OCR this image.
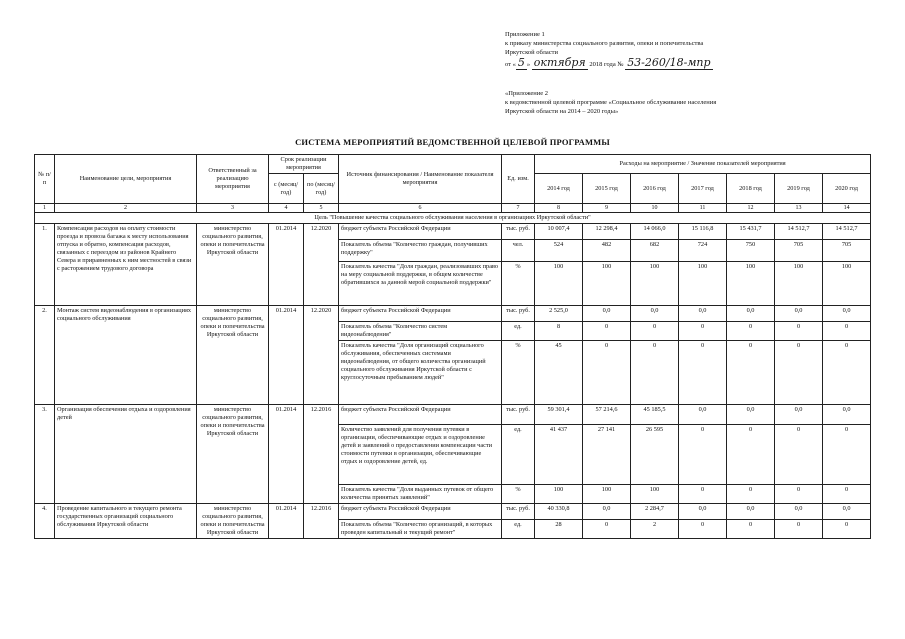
Приложение 1
к приказу министерства социального развития, опеки и попечительства
Иркутской области
от « 5 » октября 2018 года № 53-260/18-мпр
«Приложение 2
к ведомственной целевой программе «Социальное обслуживание населения
Иркутской области на 2014 – 2020 годы»
СИСТЕМА МЕРОПРИЯТИЙ ВЕДОМСТВЕННОЙ ЦЕЛЕВОЙ ПРОГРАММЫ
№ п/п	Наименование цели, мероприятия	Ответственный за реализацию мероприятия	Срок реализации мероприятия		Источник финансирования / Наименование показателя мероприятия	Ед. изм.	Расходы на мероприятие / Значение показателей мероприятия						
			с (месяц/год)	по (месяц/год)			2014 год	2015 год	2016 год	2017 год	2018 год	2019 год	2020 год
1	2	3	4	5	6	7	8	9	10	11	12	13	14
Цель "Повышение качества социального обслуживания населения в организациях Иркутской области"													
1.	Компенсация расходов на оплату стоимости проезда и провоза багажа к месту использования отпуска и обратно, компенсация расходов, связанных с переездом из районов Крайнего Севера и приравненных к ним местностей в связи с расторжением трудового договора	министерство социального развития, опеки и попечительства Иркутской области	01.2014	12.2020	бюджет субъекта Российской Федерации	тыс. руб.	10 007,4	12 298,4	14 066,0	15 116,8	15 431,7	14 512,7	14 512,7
					Показатель объема "Количество граждан, получивших поддержку"	чел.	524	482	682	724	750	705	705
					Показатель качества "Доля граждан, реализовавших право на меру социальной поддержки, в общем количестве обратившихся за данной мерой социальной поддержки"	%	100	100	100	100	100	100	100
2.	Монтаж систем видеонаблюдения в организациях социального обслуживания	министерство социального развития, опеки и попечительства Иркутской области	01.2014	12.2020	бюджет субъекта Российской Федерации	тыс. руб.	2 525,0	0,0	0,0	0,0	0,0	0,0	0,0
					Показатель объема "Количество систем видеонаблюдения"	ед.	8	0	0	0	0	0	0
					Показатель качества "Доля организаций социального обслуживания, обеспеченных системами видеонаблюдения, от общего количества организаций социального обслуживания Иркутской области с круглосуточным пребыванием людей"	%	45	0	0	0	0	0	0
3.	Организация обеспечения отдыха и оздоровления детей	министерство социального развития, опеки и попечительства Иркутской области	01.2014	12.2016	бюджет субъекта Российской Федерации	тыс. руб.	59 301,4	57 214,6	45 185,5	0,0	0,0	0,0	0,0
					Количество заявлений для получения путевки в организации, обеспечивающие отдых и оздоровление детей и заявлений о предоставлении компенсации части стоимости путевки в организации, обеспечивающие отдых и оздоровление детей, ед.	ед.	41 437	27 141	26 595	0	0	0	0
					Показатель качества "Доля выданных путевок от общего количества принятых заявлений"	%	100	100	100	0	0	0	0
4.	Проведение капитального и текущего ремонта государственных организаций социального обслуживания Иркутской области	министерство социального развития, опеки и попечительства Иркутской области	01.2014	12.2016	бюджет субъекта Российской Федерации	тыс. руб.	40 330,8	0,0	2 284,7	0,0	0,0	0,0	0,0
					Показатель объема "Количество организаций, в которых проведен капитальный и текущий ремонт"	ед.	28	0	2	0	0	0	0
